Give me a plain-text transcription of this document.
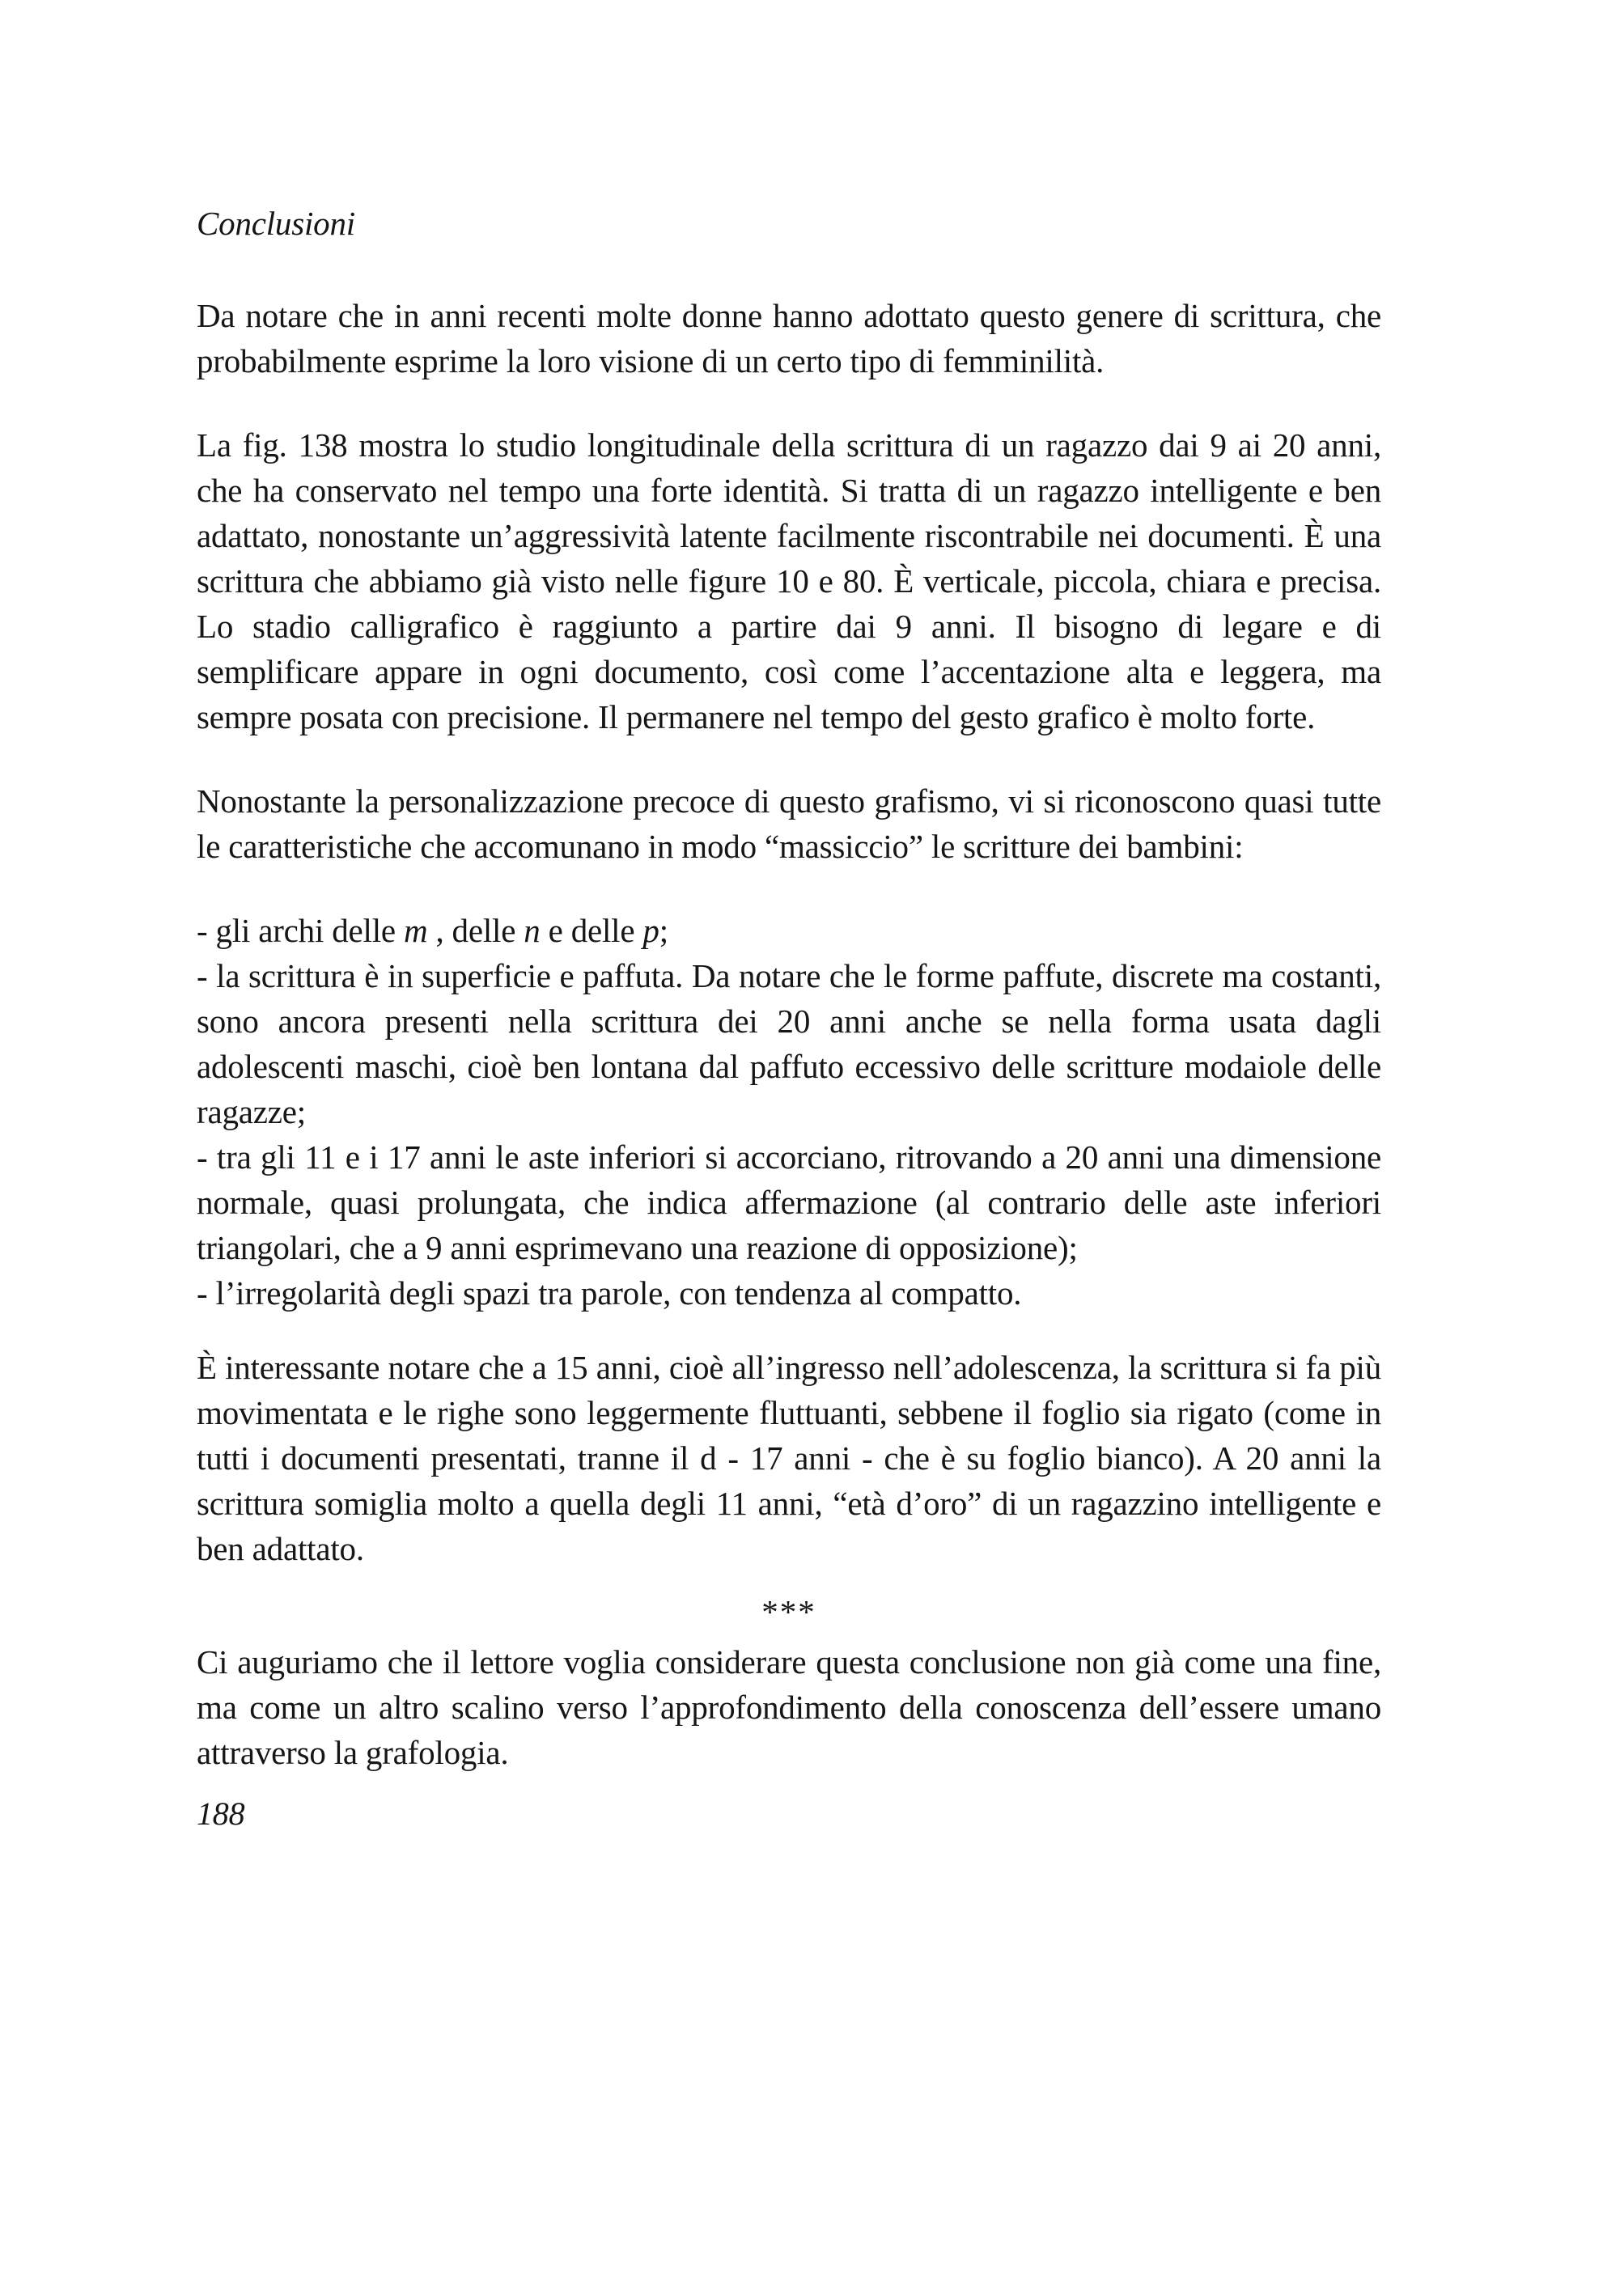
Conclusioni

Da notare che in anni recenti molte donne hanno adottato questo genere di scrittura, che probabilmente esprime la loro visione di un certo tipo di femminilità.

La fig. 138 mostra lo studio longitudinale della scrittura di un ragazzo dai 9 ai 20 anni, che ha conservato nel tempo una forte identità. Si tratta di un ragazzo intelligente e ben adattato, nonostante un’aggressività latente facilmente riscontrabile nei documenti. È una scrittura che abbiamo già visto nelle figure 10 e 80. È verticale, piccola, chiara e precisa. Lo stadio calligrafico è raggiunto a partire dai 9 anni. Il bisogno di legare e di semplificare appare in ogni documento, così come l’accentazione alta e leggera, ma sempre posata con precisione. Il permanere nel tempo del gesto grafico è molto forte.

Nonostante la personalizzazione precoce di questo grafismo, vi si riconoscono quasi tutte le caratteristiche che accomunano in modo “massiccio” le scritture dei bambini:

- gli archi delle m , delle n e delle p;

- la scrittura è in superficie e paffuta. Da notare che le forme paffute, discrete ma costanti, sono ancora presenti nella scrittura dei 20 anni anche se nella forma usata dagli adolescenti maschi, cioè ben lontana dal paffuto eccessivo delle scritture modaiole delle ragazze;

- tra gli 11 e i 17 anni le aste inferiori si accorciano, ritrovando a 20 anni una dimensione normale, quasi prolungata, che indica affermazione (al contrario delle aste inferiori triangolari, che a 9 anni esprimevano una reazione di opposizione);

- l’irregolarità degli spazi tra parole, con tendenza al compatto.

È interessante notare che a 15 anni, cioè all’ingresso nell’adolescenza, la scrittura si fa più movimentata e le righe sono leggermente fluttuanti, sebbene il foglio sia rigato (come in tutti i documenti presentati, tranne il d - 17 anni - che è su foglio bianco). A 20 anni la scrittura somiglia molto a quella degli 11 anni, “età d’oro” di un ragazzino intelligente e ben adattato.

***

Ci auguriamo che il lettore voglia considerare questa conclusione non già come una fine, ma come un altro scalino verso l’approfondimento della conoscenza dell’essere umano attraverso la grafologia.

188
